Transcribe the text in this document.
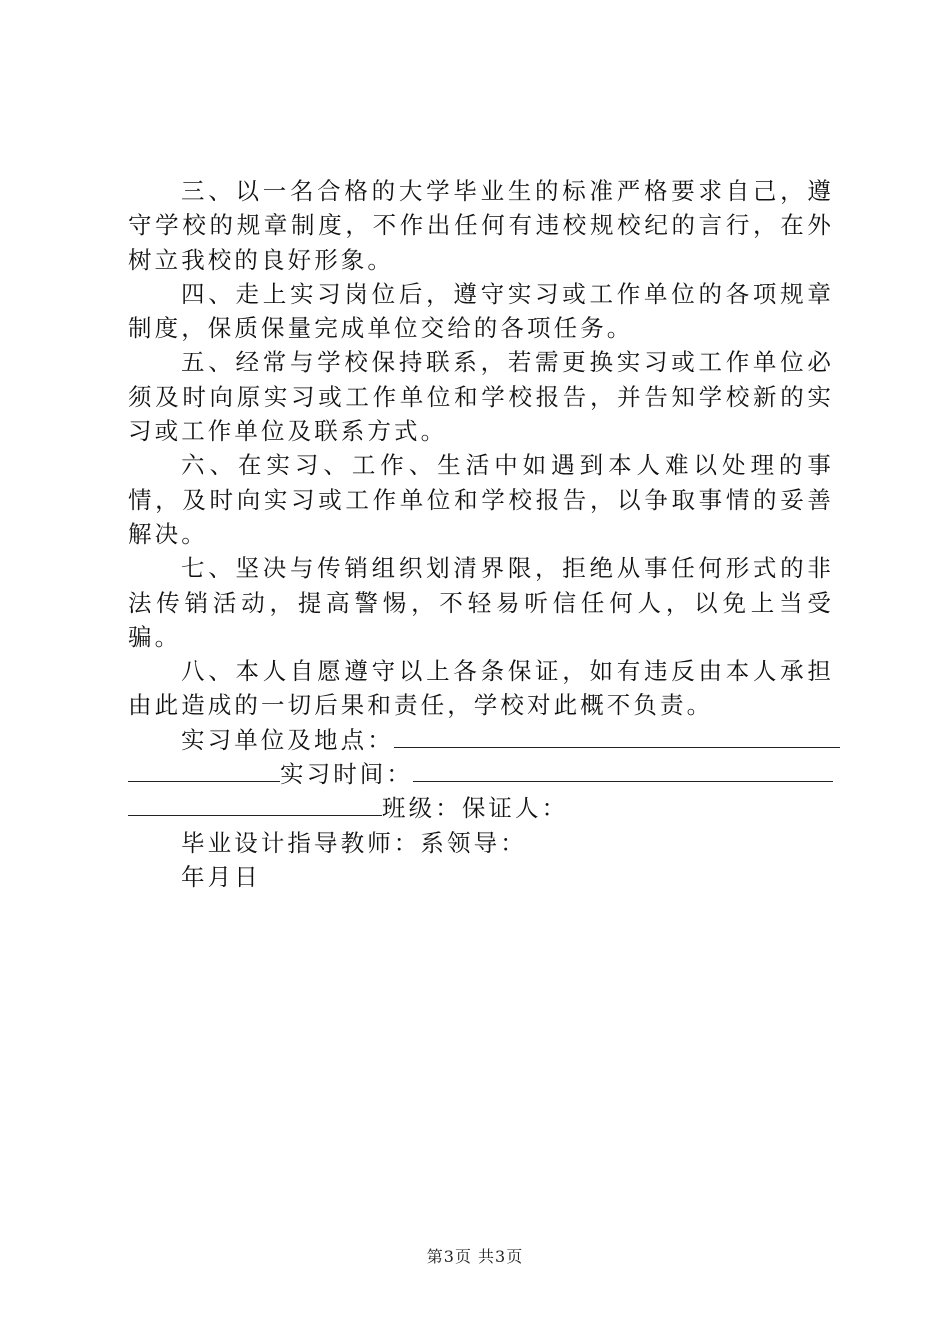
三、以一名合格的大学毕业生的标准严格要求自己，遵守学校的规章制度，不作出任何有违校规校纪的言行，在外树立我校的良好形象。

四、走上实习岗位后，遵守实习或工作单位的各项规章制度，保质保量完成单位交给的各项任务。

五、经常与学校保持联系，若需更换实习或工作单位必须及时向原实习或工作单位和学校报告，并告知学校新的实习或工作单位及联系方式。

六、在实习、工作、生活中如遇到本人难以处理的事情，及时向实习或工作单位和学校报告，以争取事情的妥善解决。

七、坚决与传销组织划清界限，拒绝从事任何形式的非法传销活动，提高警惕，不轻易听信任何人，以免上当受骗。

八、本人自愿遵守以上各条保证，如有违反由本人承担由此造成的一切后果和责任，学校对此概不负责。

实习单位及地点：
实习时间：
班级：保证人：
毕业设计指导教师：系领导：
年月日
第3页 共3页
